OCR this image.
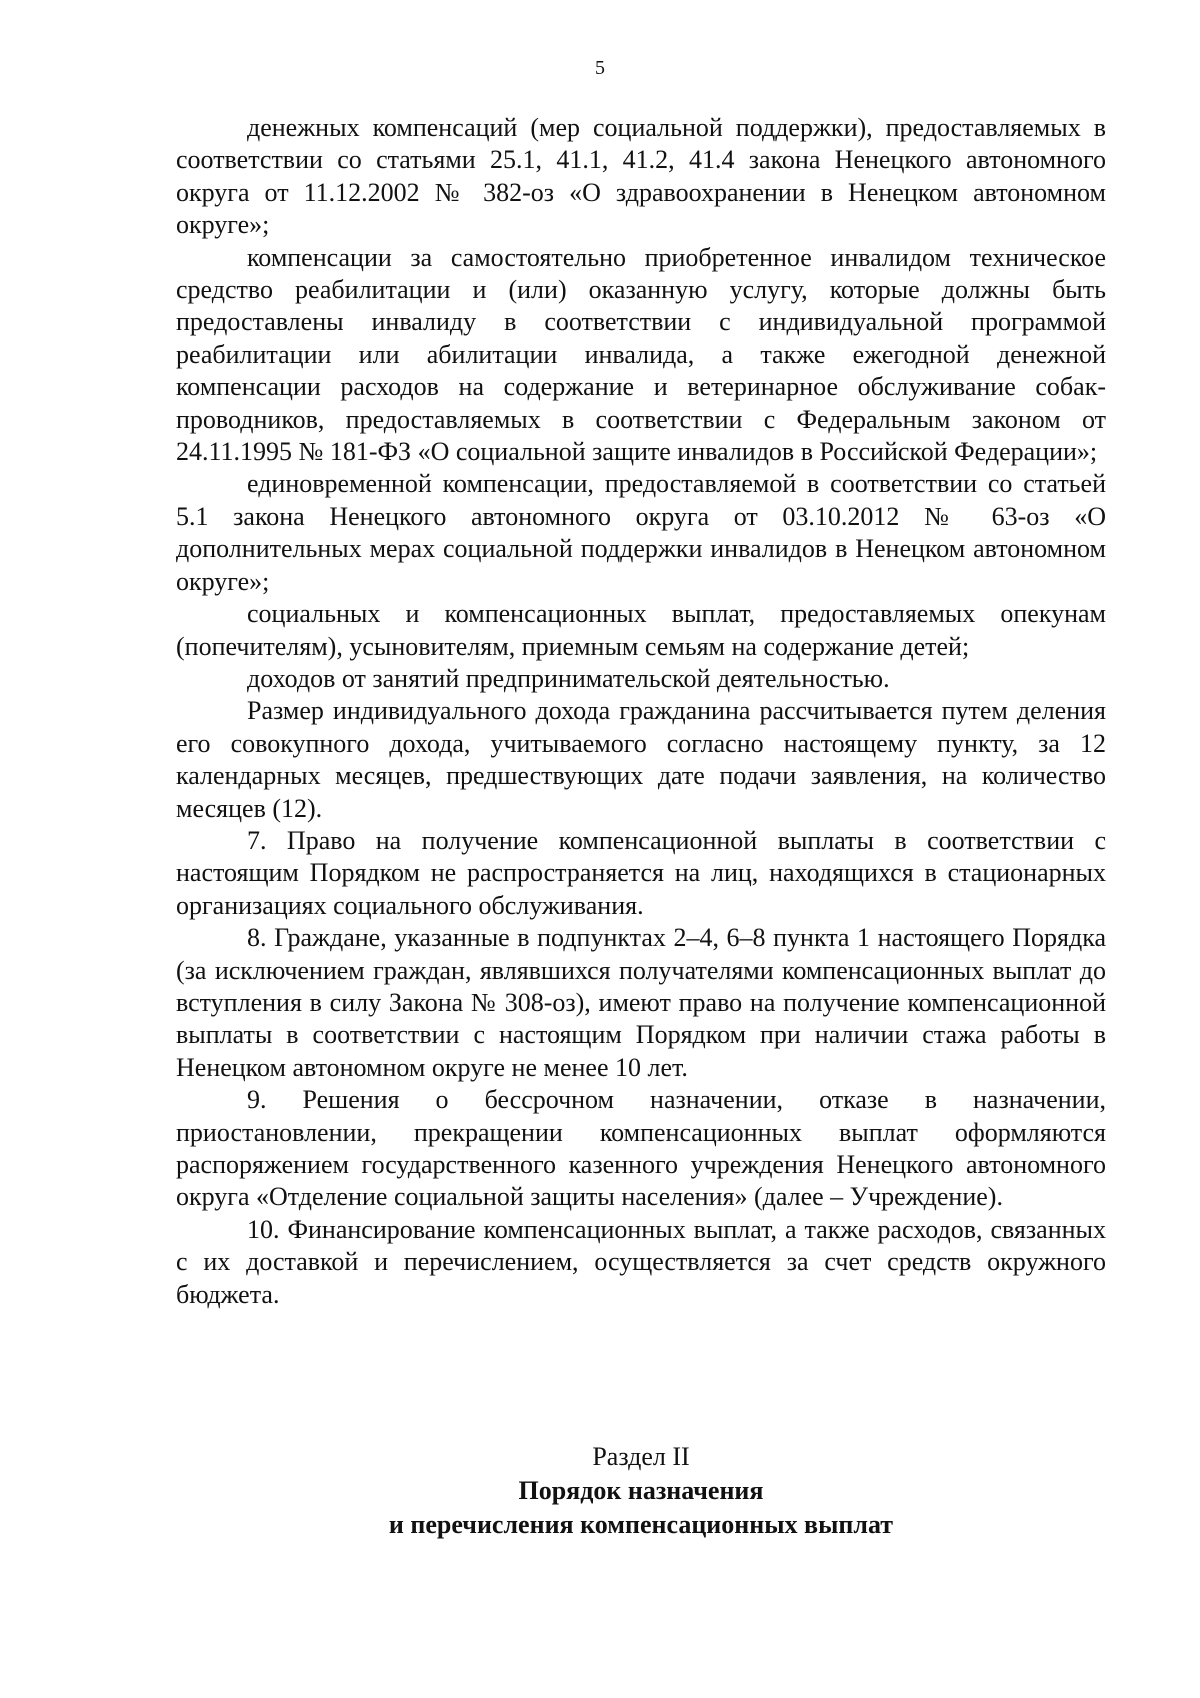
5

денежных компенсаций (мер социальной поддержки), предоставляемых в соответствии со статьями 25.1, 41.1, 41.2, 41.4 закона Ненецкого автономного округа от 11.12.2002 № 382-оз «О здравоохранении в Ненецком автономном округе»;

компенсации за самостоятельно приобретенное инвалидом техническое средство реабилитации и (или) оказанную услугу, которые должны быть предоставлены инвалиду в соответствии с индивидуальной программой реабилитации или абилитации инвалида, а также ежегодной денежной компенсации расходов на содержание и ветеринарное обслуживание собак-проводников, предоставляемых в соответствии с Федеральным законом от 24.11.1995 № 181-ФЗ «О социальной защите инвалидов в Российской Федерации»;

единовременной компенсации, предоставляемой в соответствии со статьей 5.1 закона Ненецкого автономного округа от 03.10.2012 № 63-оз «О дополнительных мерах социальной поддержки инвалидов в Ненецком автономном округе»;

социальных и компенсационных выплат, предоставляемых опекунам (попечителям), усыновителям, приемным семьям на содержание детей;

доходов от занятий предпринимательской деятельностью.

Размер индивидуального дохода гражданина рассчитывается путем деления его совокупного дохода, учитываемого согласно настоящему пункту, за 12 календарных месяцев, предшествующих дате подачи заявления, на количество месяцев (12).

7. Право на получение компенсационной выплаты в соответствии с настоящим Порядком не распространяется на лиц, находящихся в стационарных организациях социального обслуживания.

8. Граждане, указанные в подпунктах 2–4, 6–8 пункта 1 настоящего Порядка (за исключением граждан, являвшихся получателями компенсационных выплат до вступления в силу Закона № 308-оз), имеют право на получение компенсационной выплаты в соответствии с настоящим Порядком при наличии стажа работы в Ненецком автономном округе не менее 10 лет.

9. Решения о бессрочном назначении, отказе в назначении, приостановлении, прекращении компенсационных выплат оформляются распоряжением государственного казенного учреждения Ненецкого автономного округа «Отделение социальной защиты населения» (далее – Учреждение).

10. Финансирование компенсационных выплат, а также расходов, связанных с их доставкой и перечислением, осуществляется за счет средств окружного бюджета.

Раздел II
Порядок назначения
и перечисления компенсационных выплат
